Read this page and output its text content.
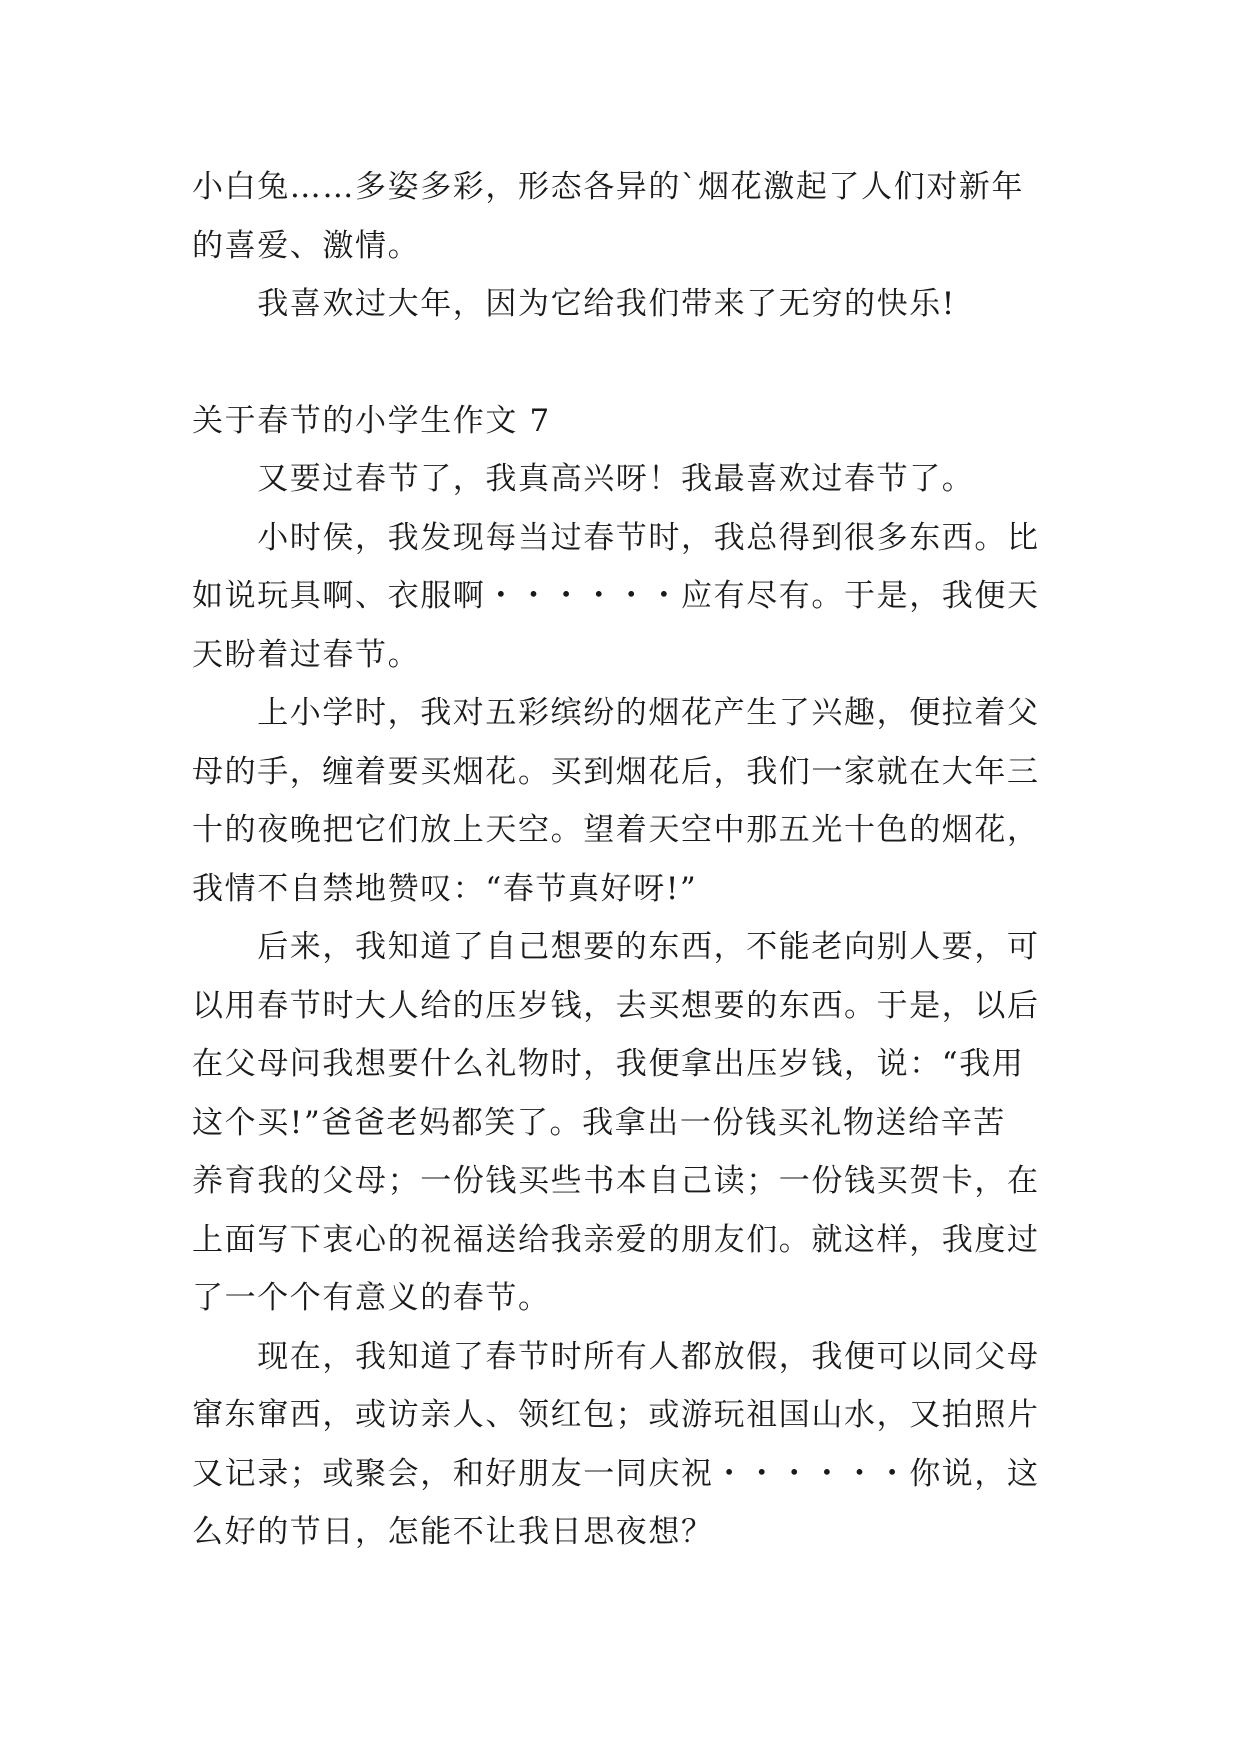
小白兔……多姿多彩，形态各异的`烟花激起了人们对新年
的喜爱、激情。
　　我喜欢过大年，因为它给我们带来了无穷的快乐!
关于春节的小学生作文 7
　　又要过春节了，我真高兴呀！我最喜欢过春节了。
　　小时侯，我发现每当过春节时，我总得到很多东西。比
如说玩具啊、衣服啊・・・・・・应有尽有。于是，我便天
天盼着过春节。
　　上小学时，我对五彩缤纷的烟花产生了兴趣，便拉着父
母的手，缠着要买烟花。买到烟花后，我们一家就在大年三
十的夜晚把它们放上天空。望着天空中那五光十色的烟花，
我情不自禁地赞叹：“春节真好呀!”
　　后来，我知道了自己想要的东西，不能老向别人要，可
以用春节时大人给的压岁钱，去买想要的东西。于是，以后
在父母问我想要什么礼物时，我便拿出压岁钱，说：“我用
这个买!”爸爸老妈都笑了。我拿出一份钱买礼物送给辛苦
养育我的父母；一份钱买些书本自己读；一份钱买贺卡，在
上面写下衷心的祝福送给我亲爱的朋友们。就这样，我度过
了一个个有意义的春节。
　　现在，我知道了春节时所有人都放假，我便可以同父母
窜东窜西，或访亲人、领红包；或游玩祖国山水，又拍照片
又记录；或聚会，和好朋友一同庆祝・・・・・・你说，这
么好的节日，怎能不让我日思夜想？
